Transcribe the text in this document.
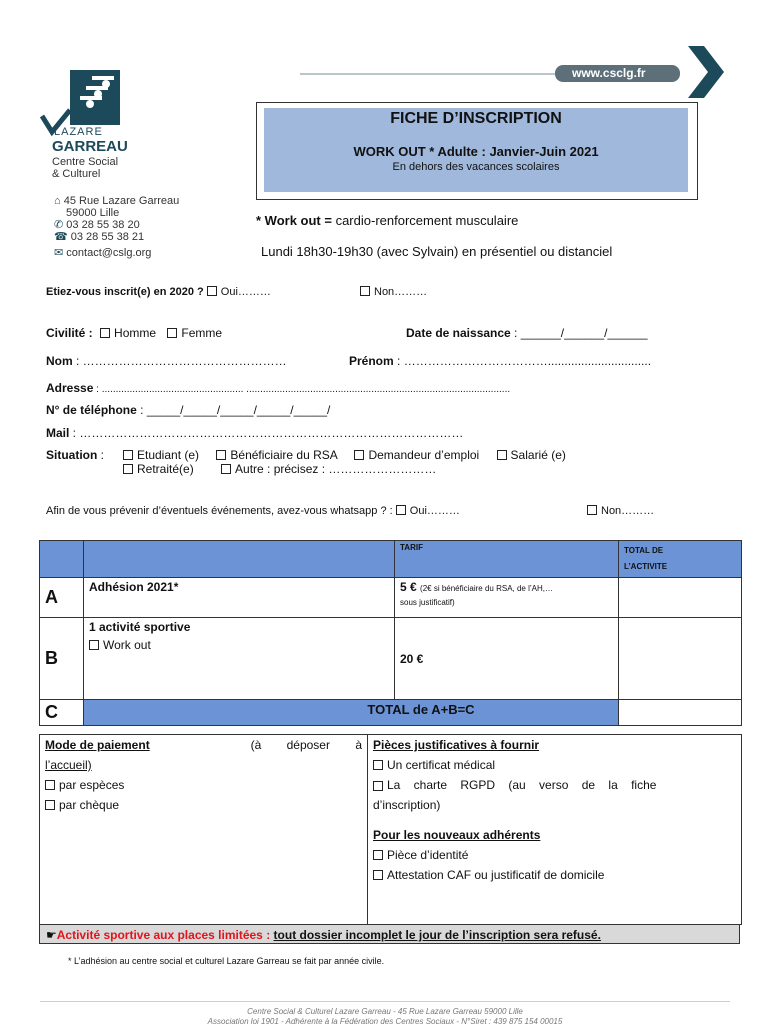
www.csclg.fr
LAZARE
GARREAU
Centre Social
& Culturel
⌂ 45 Rue Lazare Garreau
59000 Lille
✆ 03 28 55 38 20
☎ 03 28 55 38 21
✉ contact@cslg.org
FICHE D’INSCRIPTION
WORK OUT * Adulte : Janvier-Juin 2021
En dehors des vacances scolaires
* Work out = cardio-renforcement musculaire
Lundi 18h30-19h30 (avec Sylvain) en présentiel ou distanciel
Etiez-vous inscrit(e) en 2020 ? Oui………	Non………
Civilité : Homme Femme	Date de naissance : ______/______/______
Nom : ……………………………………………	Prénom : ………………………………...............................
Adresse : ................................................... ...............................................................................................
N° de téléphone : _____/_____/_____/_____/_____/
Mail : ……………………………………………………………………………………
Situation :	Etudiant (e)	Bénéficiaire du RSA	Demandeur d’emploi	Salarié (e)
Retraité(e)	Autre : précisez : ………………………
Afin de vous prévenir d’éventuels événements, avez-vous whatsapp ? : Oui………	Non………
		TARIF	TOTAL DE
L’ACTIVITE

A	Adhésion 2021*	5 € (2€ si bénéficiaire du RSA, de l’AH,…
sous justificatif)	
B	1 activité sportive
Work out	20 €	
C	TOTAL de A+B=C		
Mode de paiement	(à déposer à
l’accueil)
par espèces
par chèque

Pièces justificatives à fournir
Un certificat médical
La charte RGPD (au verso de la fiche
d’inscription)
Pour les nouveaux adhérents
Pièce d’identité
Attestation CAF ou justificatif de domicile
☛Activité sportive aux places limitées : tout dossier incomplet le jour de l’inscription sera refusé.
* L’adhésion au centre social et culturel Lazare Garreau se fait par année civile.
Centre Social & Culturel Lazare Garreau - 45 Rue Lazare Garreau 59000 Lille
Association loi 1901 - Adhérente à la Fédération des Centres Sociaux - N°Siret : 439 875 154 00015
